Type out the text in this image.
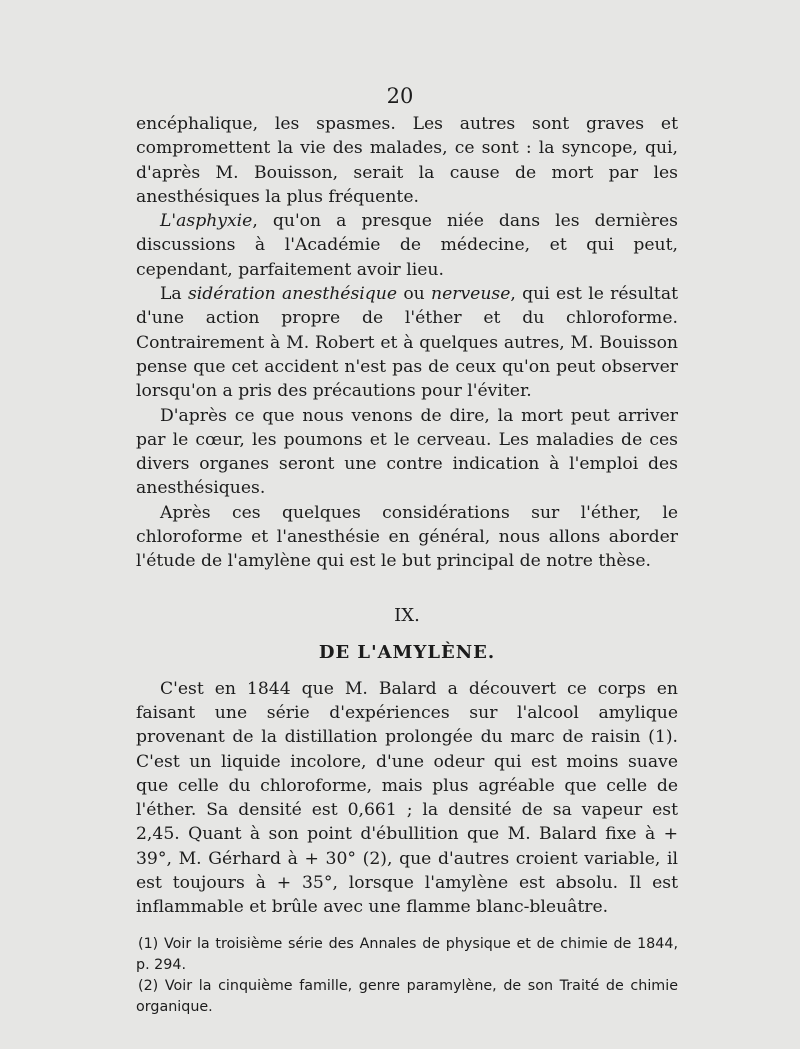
20

encéphalique, les spasmes. Les autres sont graves et compromettent la vie des malades, ce sont : la syncope, qui, d'après M. Bouisson, serait la cause de mort par les anesthésiques la plus fréquente.

L'asphyxie, qu'on a presque niée dans les dernières discussions à l'Académie de médecine, et qui peut, cependant, parfaitement avoir lieu.

La sidération anesthésique ou nerveuse, qui est le résultat d'une action propre de l'éther et du chloroforme. Contrairement à M. Robert et à quelques autres, M. Bouisson pense que cet accident n'est pas de ceux qu'on peut observer lorsqu'on a pris des précautions pour l'éviter.

D'après ce que nous venons de dire, la mort peut arriver par le cœur, les poumons et le cerveau. Les maladies de ces divers organes seront une contre indication à l'emploi des anesthésiques.

Après ces quelques considérations sur l'éther, le chloroforme et l'anesthésie en général, nous allons aborder l'étude de l'amylène qui est le but principal de notre thèse.

IX.
DE L'AMYLÈNE.

C'est en 1844 que M. Balard a découvert ce corps en faisant une série d'expériences sur l'alcool amylique provenant de la distillation prolongée du marc de raisin (1). C'est un liquide incolore, d'une odeur qui est moins suave que celle du chloroforme, mais plus agréable que celle de l'éther. Sa densité est 0,661 ; la densité de sa vapeur est 2,45. Quant à son point d'ébullition que M. Balard fixe à + 39°, M. Gérhard à + 30° (2), que d'autres croient variable, il est toujours à + 35°, lorsque l'amylène est absolu. Il est inflammable et brûle avec une flamme blanc-bleuâtre.

(1) Voir la troisième série des Annales de physique et de chimie de 1844, p. 294.

(2) Voir la cinquième famille, genre paramylène, de son Traité de chimie organique.
